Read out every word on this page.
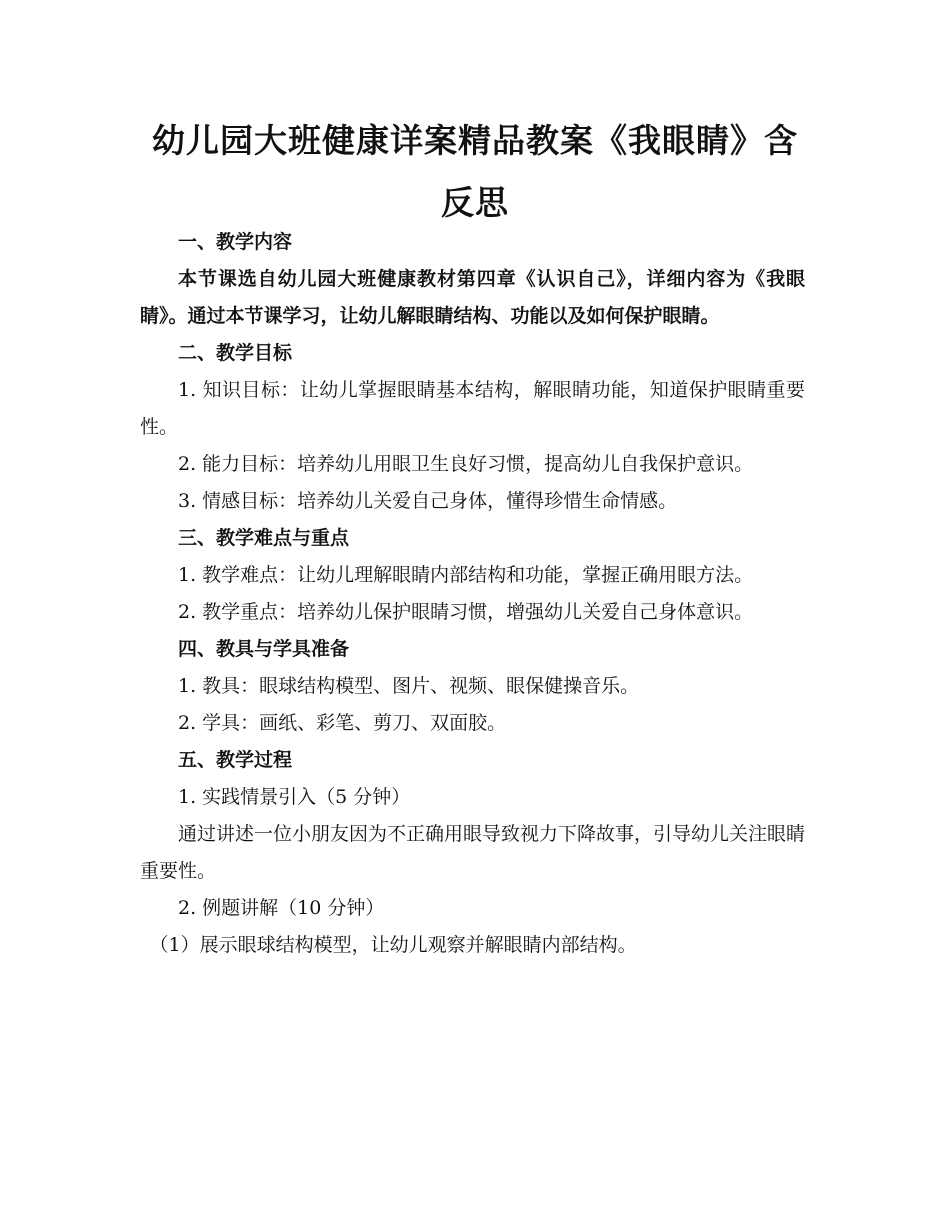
幼儿园大班健康详案精品教案《我眼睛》含反思

一、教学内容

本节课选自幼儿园大班健康教材第四章《认识自己》，详细内容为《我眼睛》。通过本节课学习，让幼儿解眼睛结构、功能以及如何保护眼睛。

二、教学目标

1. 知识目标：让幼儿掌握眼睛基本结构，解眼睛功能，知道保护眼睛重要性。

2. 能力目标：培养幼儿用眼卫生良好习惯，提高幼儿自我保护意识。

3. 情感目标：培养幼儿关爱自己身体，懂得珍惜生命情感。

三、教学难点与重点

1. 教学难点：让幼儿理解眼睛内部结构和功能，掌握正确用眼方法。

2. 教学重点：培养幼儿保护眼睛习惯，增强幼儿关爱自己身体意识。

四、教具与学具准备

1. 教具：眼球结构模型、图片、视频、眼保健操音乐。

2. 学具：画纸、彩笔、剪刀、双面胶。

五、教学过程

1. 实践情景引入（5 分钟）

通过讲述一位小朋友因为不正确用眼导致视力下降故事，引导幼儿关注眼睛重要性。

2. 例题讲解（10 分钟）

（1）展示眼球结构模型，让幼儿观察并解眼睛内部结构。
